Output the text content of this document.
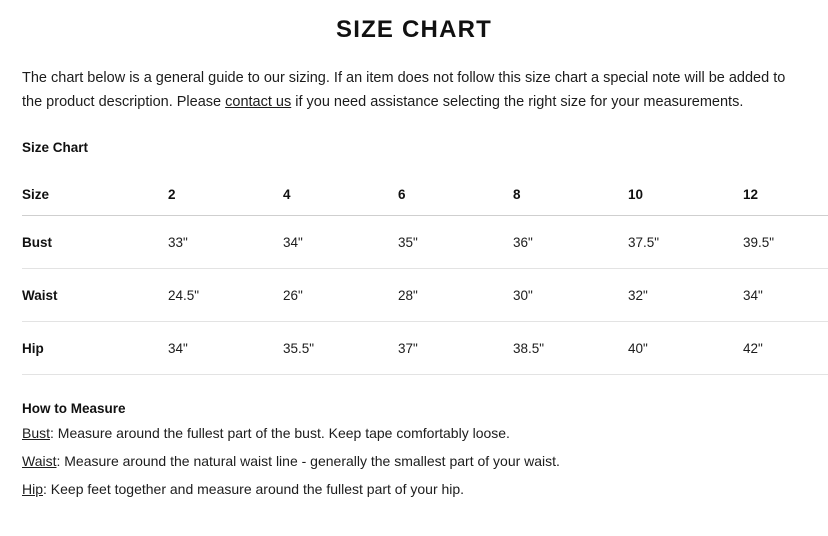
SIZE CHART

The chart below is a general guide to our sizing. If an item does not follow this size chart a special note will be added to the product description. Please contact us if you need assistance selecting the right size for your measurements.

Size Chart
Size	2	4	6	8	10	12
Bust	33"	34"	35"	36"	37.5"	39.5"
Waist	24.5"	26"	28"	30"	32"	34"
Hip	34"	35.5"	37"	38.5"	40"	42"
How to Measure
Bust: Measure around the fullest part of the bust. Keep tape comfortably loose.
Waist: Measure around the natural waist line - generally the smallest part of your waist.
Hip: Keep feet together and measure around the fullest part of your hip.
